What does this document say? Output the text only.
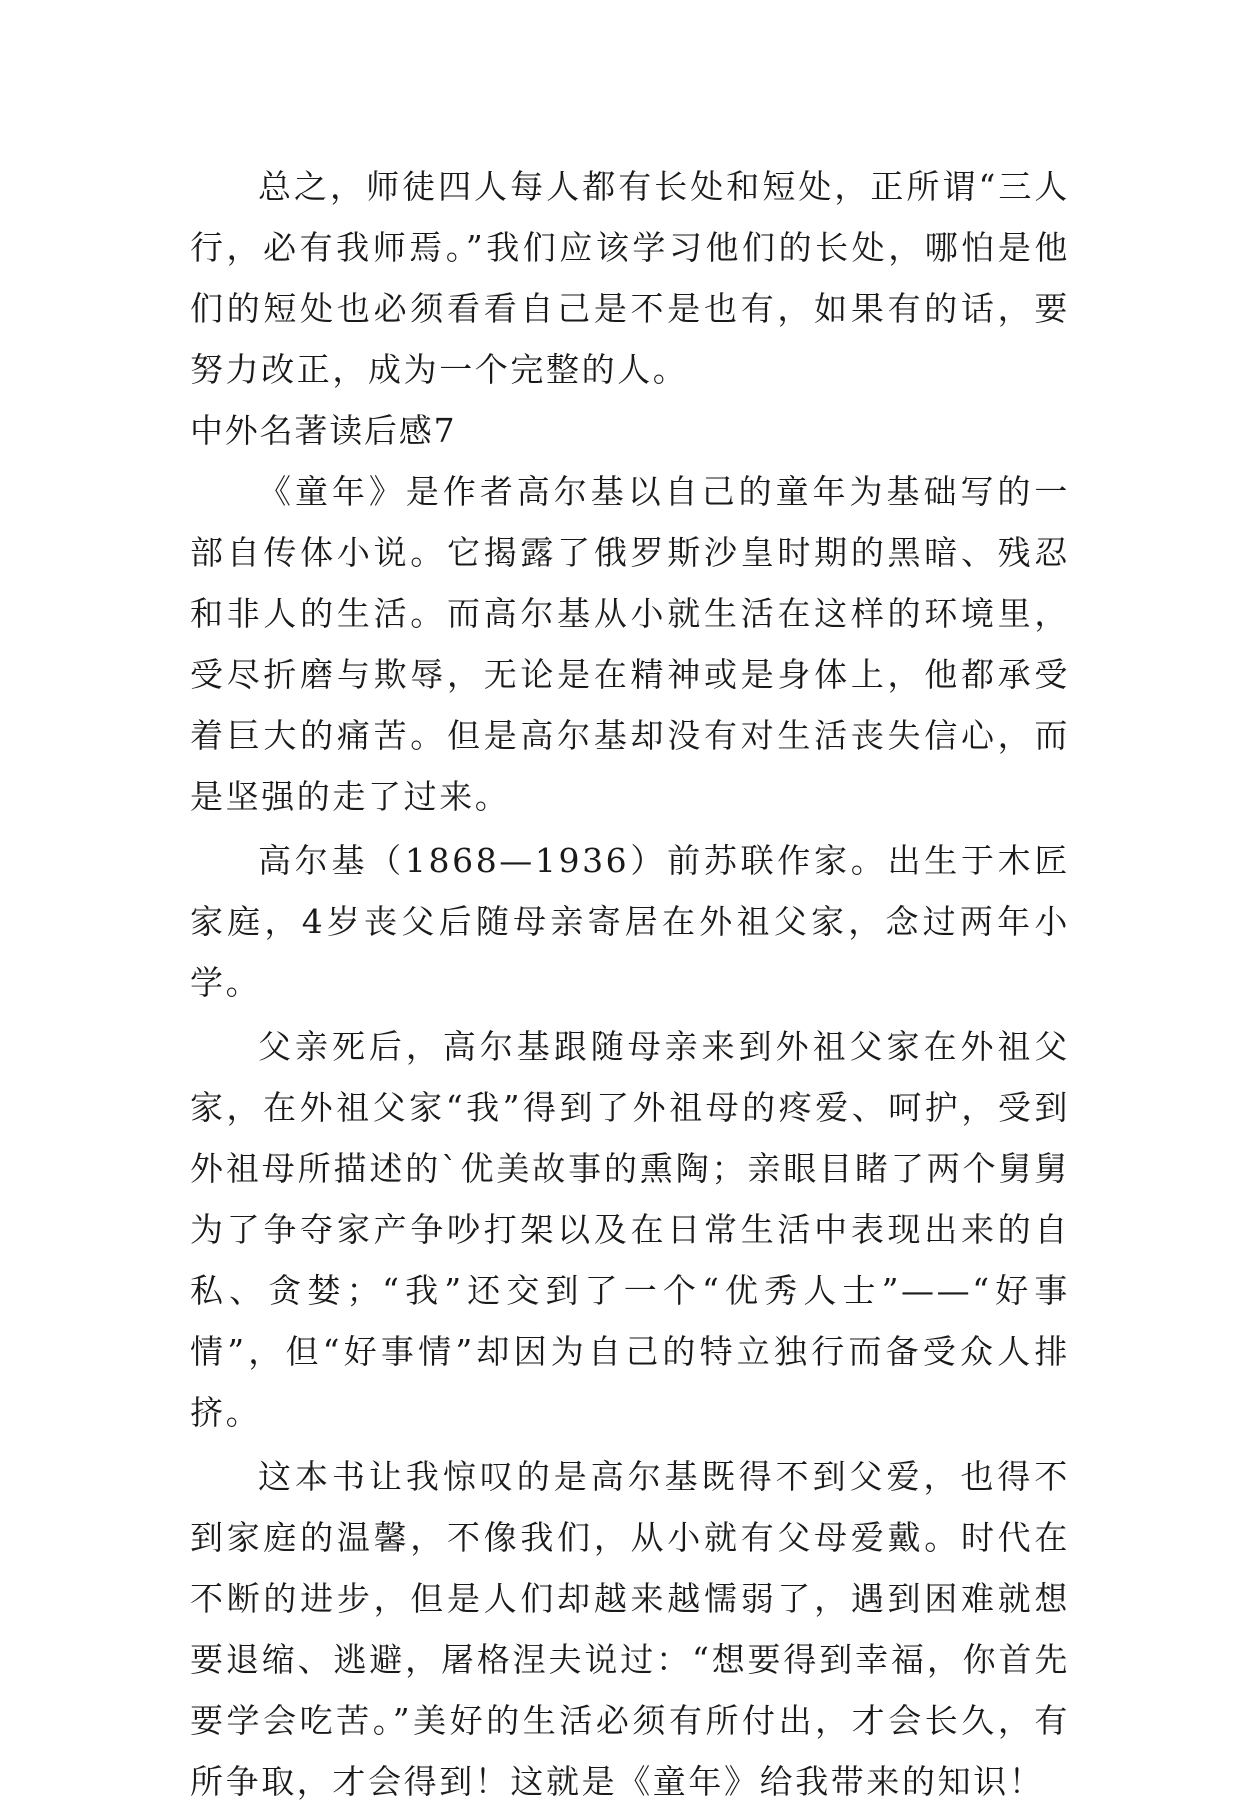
总之，师徒四人每人都有长处和短处，正所谓“三人行，必有我师焉。”我们应该学习他们的长处，哪怕是他们的短处也必须看看自己是不是也有，如果有的话，要努力改正，成为一个完整的人。

中外名著读后感7

《童年》是作者高尔基以自己的童年为基础写的一部自传体小说。它揭露了俄罗斯沙皇时期的黑暗、残忍和非人的生活。而高尔基从小就生活在这样的环境里，受尽折磨与欺辱，无论是在精神或是身体上，他都承受着巨大的痛苦。但是高尔基却没有对生活丧失信心，而是坚强的走了过来。

高尔基（1868—1936）前苏联作家。出生于木匠家庭，4岁丧父后随母亲寄居在外祖父家，念过两年小学。

父亲死后，高尔基跟随母亲来到外祖父家在外祖父家，在外祖父家“我”得到了外祖母的疼爱、呵护，受到外祖母所描述的`优美故事的熏陶；亲眼目睹了两个舅舅为了争夺家产争吵打架以及在日常生活中表现出来的自私、贪婪；“我”还交到了一个“优秀人士”——“好事情”，但“好事情”却因为自己的特立独行而备受众人排挤。

这本书让我惊叹的是高尔基既得不到父爱，也得不到家庭的温馨，不像我们，从小就有父母爱戴。时代在不断的进步，但是人们却越来越懦弱了，遇到困难就想要退缩、逃避，屠格涅夫说过：“想要得到幸福，你首先要学会吃苦。”美好的生活必须有所付出，才会长久，有所争取，才会得到！这就是《童年》给我带来的知识！
